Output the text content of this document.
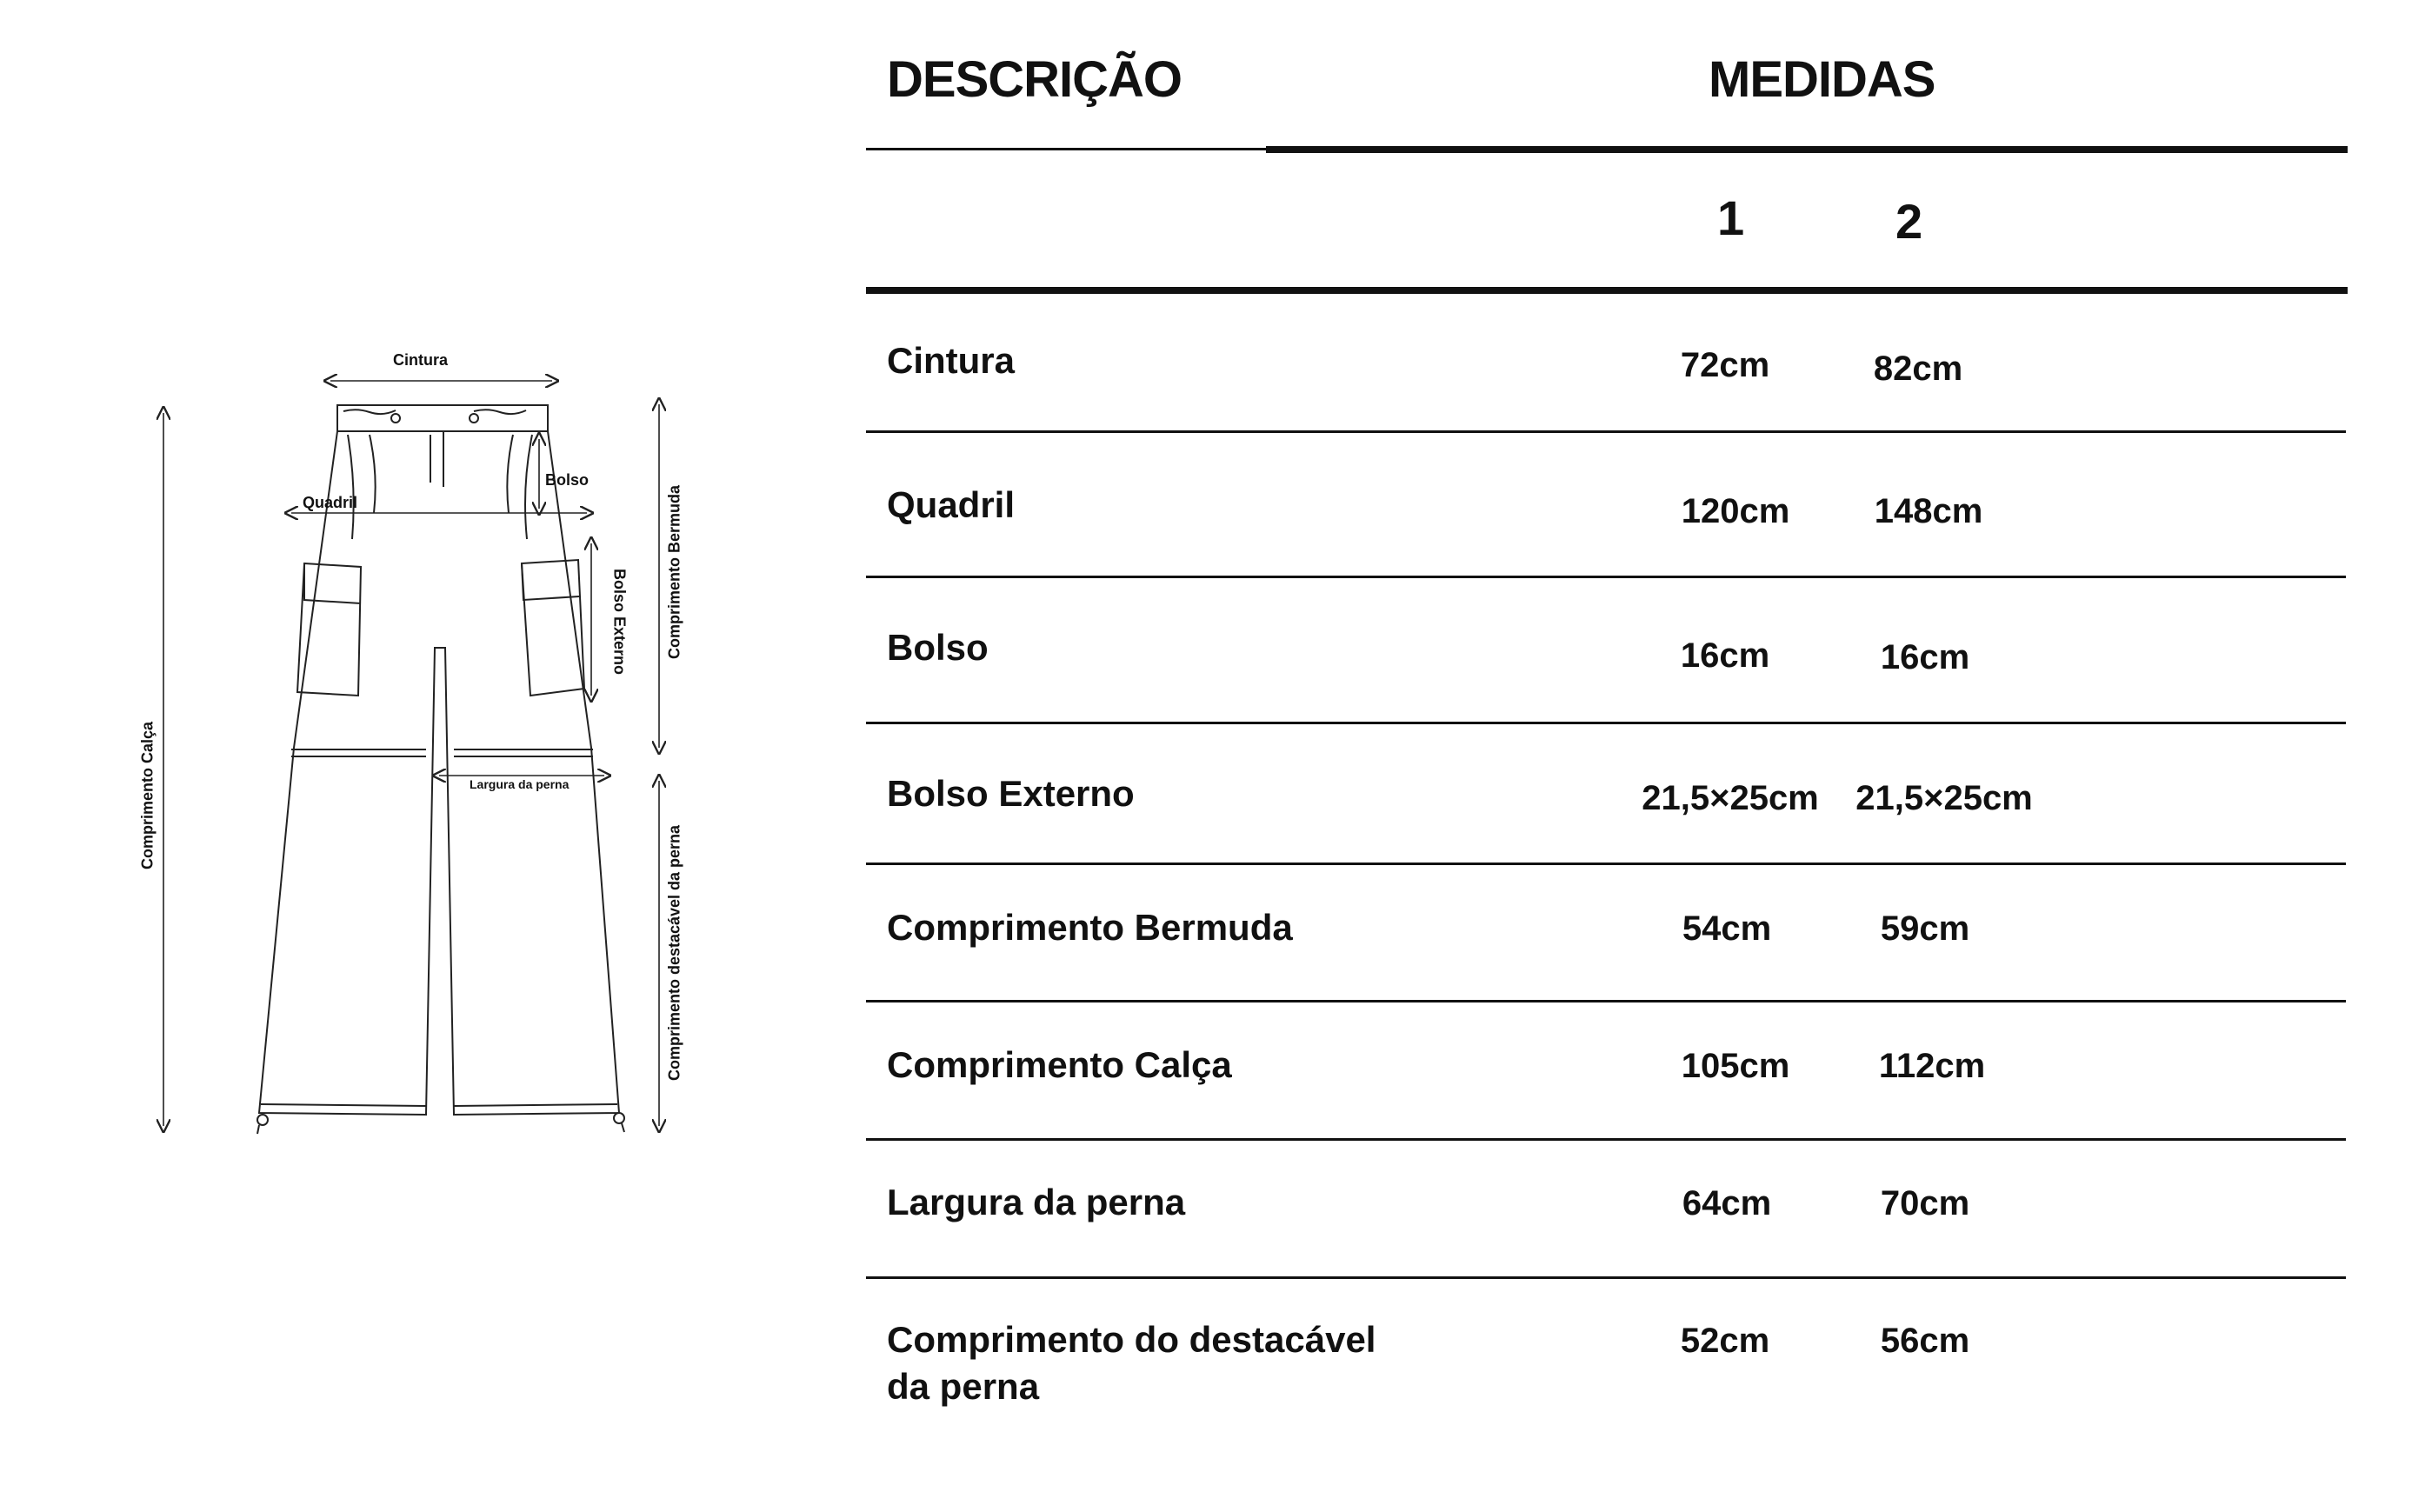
Cintura
Quadril
Bolso
Bolso Externo
Largura da perna
Comprimento Calça
Comprimento Bermuda
Comprimento destacável da perna
DESCRIÇÃO	MEDIDAS
1	2
Cintura	72cm	82cm
Quadril	120cm	148cm
Bolso	16cm	16cm
Bolso Externo	21,5×25cm	21,5×25cm
Comprimento Bermuda	54cm	59cm
Comprimento Calça	105cm	112cm
Largura da perna	64cm	70cm
Comprimento do destacável
da perna
52cm	56cm
